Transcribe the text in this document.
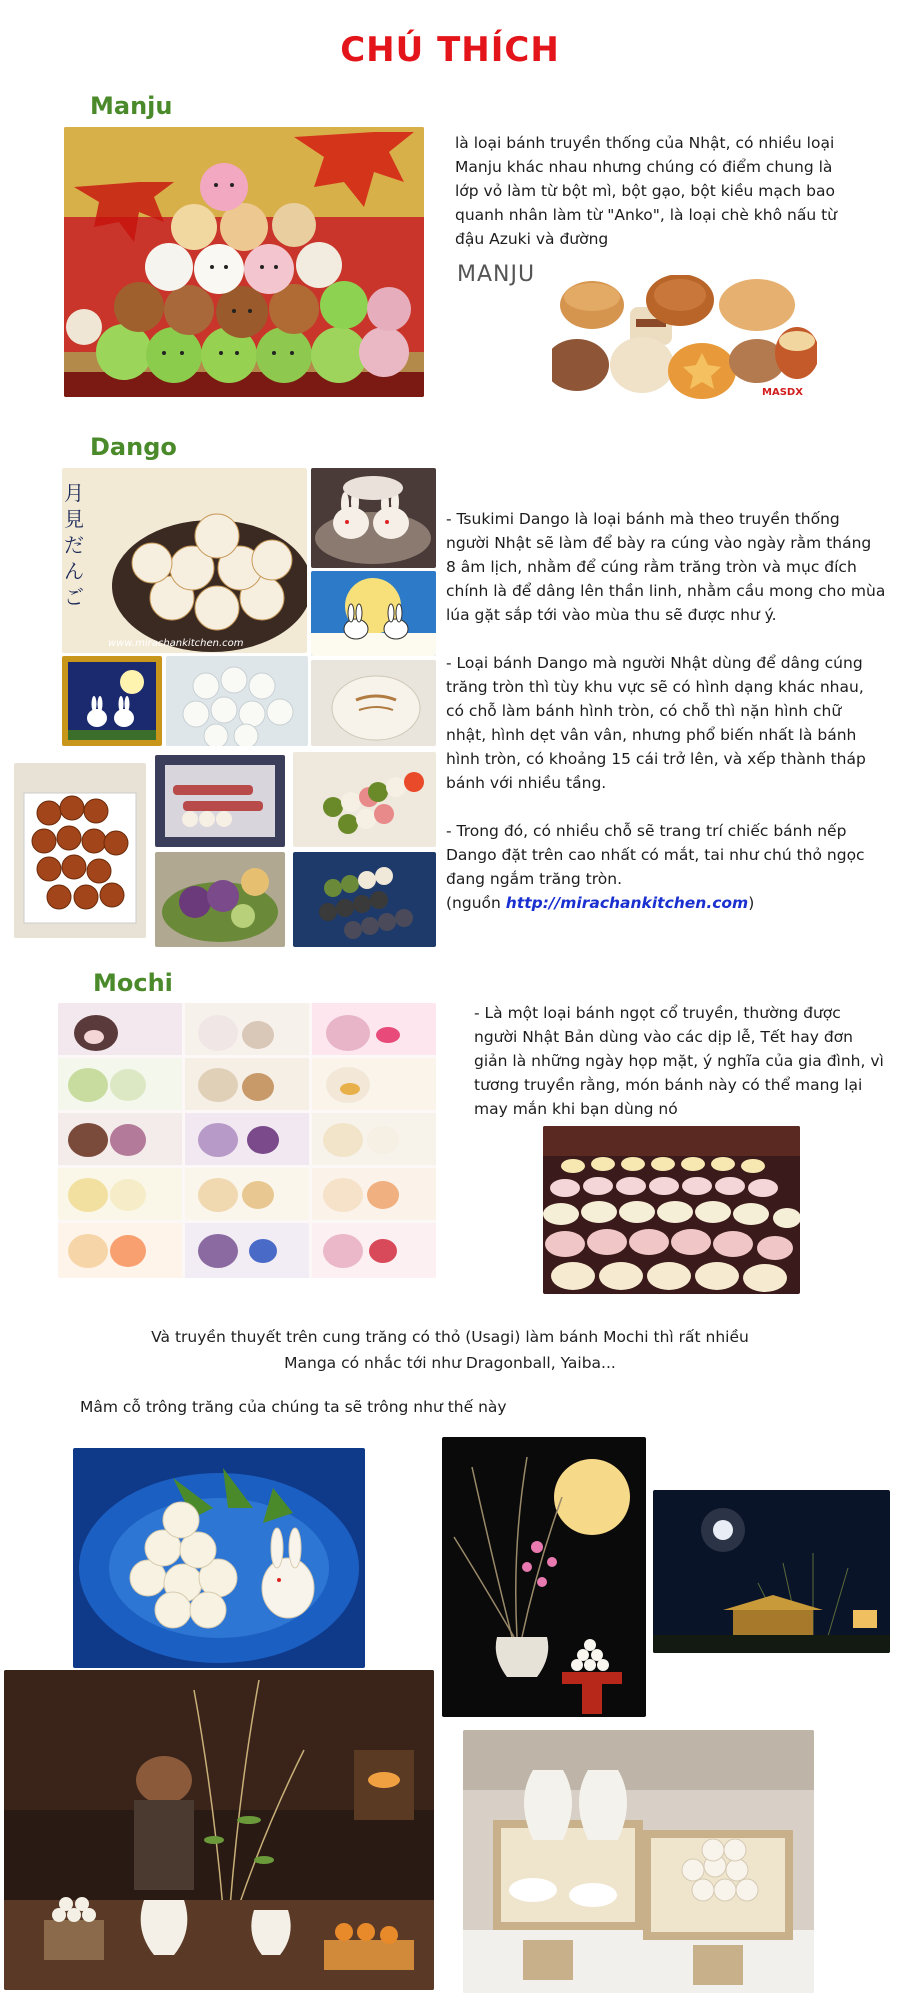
CHÚ THÍCH
Manju
là loại bánh truyền thống của Nhật, có nhiều loại Manju khác nhau nhưng chúng có điểm chung là lớp vỏ làm từ bột mì, bột gạo, bột kiều mạch bao quanh nhân làm từ "Anko", là loại chè khô nấu từ đậu Azuki và đường
MANJU
MASDX
Dango
月見だんご
www.mirachankitchen.com
- Tsukimi Dango là loại bánh mà theo truyền thống người Nhật sẽ làm để bày ra cúng vào ngày rằm tháng 8 âm lịch, nhằm để cúng rằm trăng tròn và mục đích chính là để dâng lên thần linh, nhằm cầu mong cho mùa lúa gặt sắp tới vào mùa thu sẽ được như ý.
- Loại bánh Dango mà người Nhật dùng để dâng cúng trăng tròn thì tùy khu vực sẽ có hình dạng khác nhau, có chỗ làm bánh hình tròn, có chỗ thì nặn hình chữ nhật, hình dẹt vân vân, nhưng phổ biến nhất là bánh hình tròn, có khoảng 15 cái trở lên, và xếp thành tháp bánh với nhiều tầng.
- Trong đó, có nhiều chỗ sẽ trang trí chiếc bánh nếp Dango đặt trên cao nhất có mắt, tai như chú thỏ ngọc đang ngắm trăng tròn.
(nguồn http://mirachankitchen.com)
Mochi
- Là một loại bánh ngọt cổ truyền, thường được người Nhật Bản dùng vào các dịp lễ, Tết hay đơn giản là những ngày họp mặt, ý nghĩa của gia đình, vì tương truyền rằng, món bánh này có thể mang lại may mắn khi bạn dùng nó
Và truyền thuyết trên cung trăng có thỏ (Usagi) làm bánh Mochi thì rất nhiều
Manga có nhắc tới như Dragonball, Yaiba...
Mâm cỗ trông trăng của chúng ta sẽ trông như thế này
